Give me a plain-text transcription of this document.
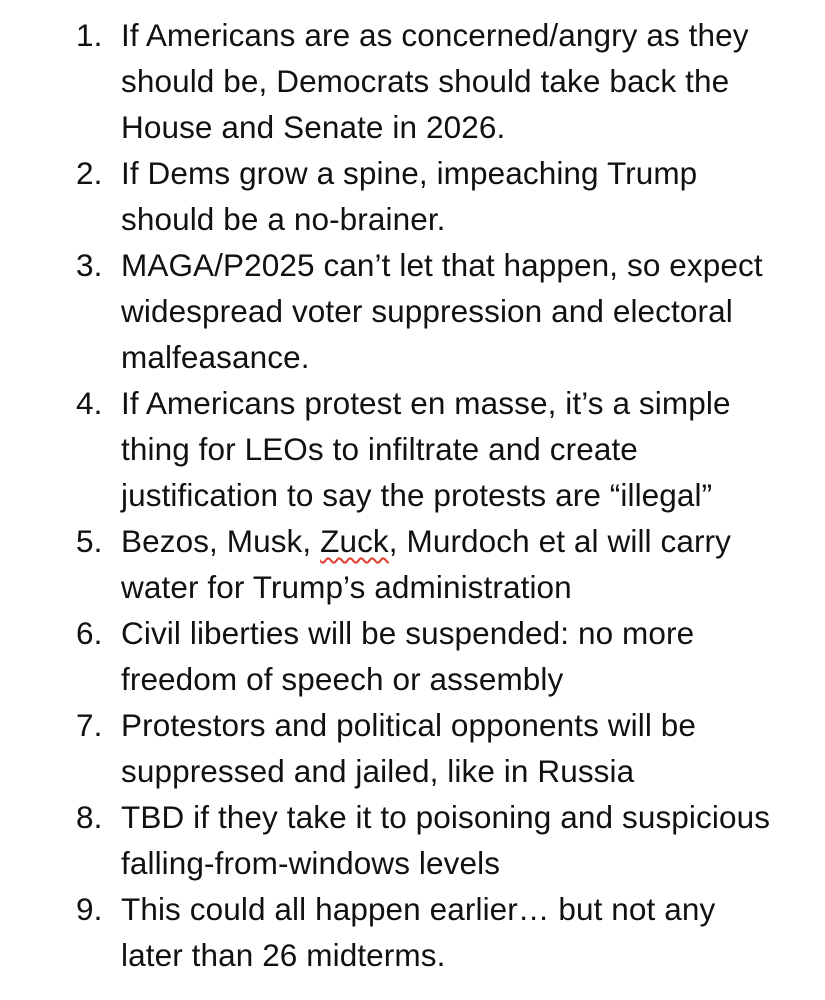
1. If Americans are as concerned/angry as they should be, Democrats should take back the House and Senate in 2026.
2. If Dems grow a spine, impeaching Trump should be a no-brainer.
3. MAGA/P2025 can’t let that happen, so expect widespread voter suppression and electoral malfeasance.
4. If Americans protest en masse, it’s a simple thing for LEOs to infiltrate and create justification to say the protests are “illegal”
5. Bezos, Musk, Zuck, Murdoch et al will carry water for Trump’s administration
6. Civil liberties will be suspended: no more freedom of speech or assembly
7. Protestors and political opponents will be suppressed and jailed, like in Russia
8. TBD if they take it to poisoning and suspicious falling-from-windows levels
9. This could all happen earlier… but not any later than 26 midterms.
